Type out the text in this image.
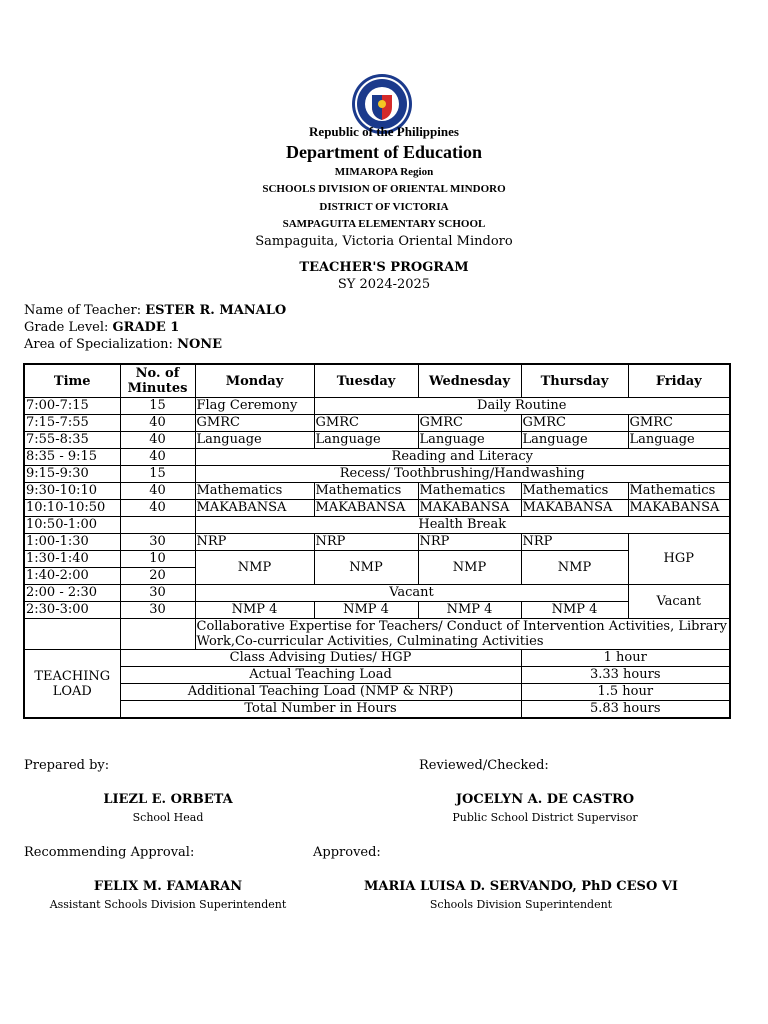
Republic of the Philippines
Department of Education
MIMAROPA Region
SCHOOLS DIVISION OF ORIENTAL MINDORO
DISTRICT OF VICTORIA
SAMPAGUITA ELEMENTARY SCHOOL
Sampaguita, Victoria Oriental Mindoro
TEACHER'S PROGRAM
SY 2024-2025
Name of Teacher: ESTER R. MANALO
Grade Level: GRADE 1
Area of Specialization: NONE
Time	No. of Minutes	Monday	Tuesday	Wednesday	Thursday	Friday
7:00-7:15	15	Flag Ceremony	Daily Routine			
7:15-7:55	40	GMRC	GMRC	GMRC	GMRC	GMRC
7:55-8:35	40	Language	Language	Language	Language	Language
8:35 - 9:15	40	Reading and Literacy				
9:15-9:30	15	Recess/ Toothbrushing/Handwashing				
9:30-10:10	40	Mathematics	Mathematics	Mathematics	Mathematics	Mathematics
10:10-10:50	40	MAKABANSA	MAKABANSA	MAKABANSA	MAKABANSA	MAKABANSA
10:50-1:00		Health Break				
1:00-1:30	30	NRP	NRP	NRP	NRP	HGP
1:30-1:40	10	NMP	NMP	NMP	NMP	
1:40-2:00	20					
2:00 - 2:30	30	Vacant				Vacant
2:30-3:00	30	NMP 4	NMP 4	NMP 4	NMP 4	
		Collaborative Expertise for Teachers/ Conduct of Intervention Activities, Library Work,Co-curricular Activities, Culminating Activities				
TEACHING LOAD	Class Advising Duties/ HGP				1 hour	
	Actual Teaching Load				3.33 hours	
	Additional Teaching Load (NMP & NRP)				1.5 hour	
	Total Number in Hours				5.83 hours	
Prepared by:
LIEZL E. ORBETA
School Head
Reviewed/Checked:
JOCELYN A. DE CASTRO
Public School District Supervisor
Recommending Approval:
FELIX M. FAMARAN
Assistant Schools Division Superintendent
Approved:
MARIA LUISA D. SERVANDO, PhD CESO VI
Schools Division Superintendent
